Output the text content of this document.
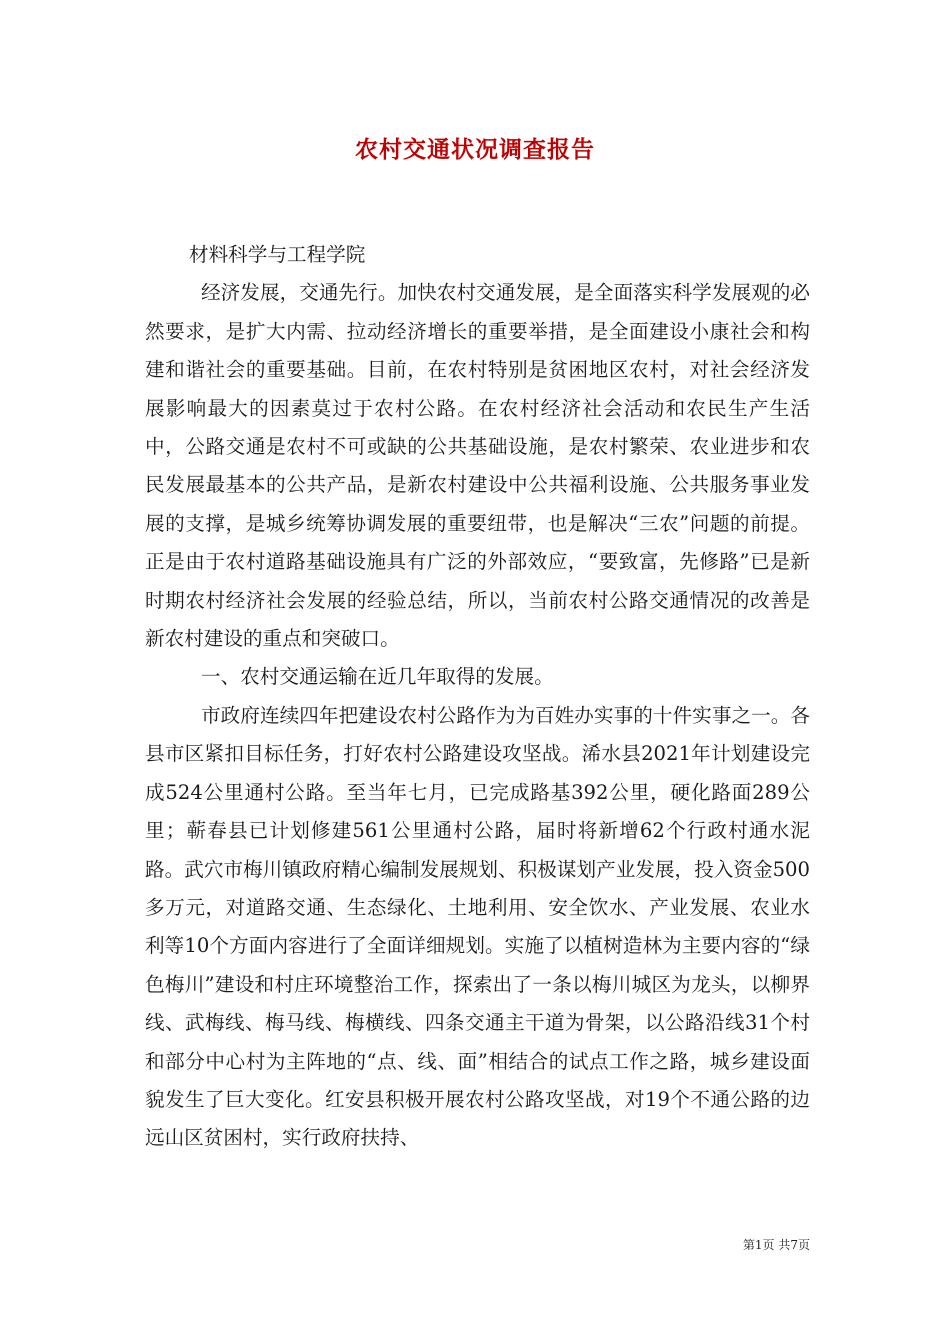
农村交通状况调查报告

材料科学与工程学院

经济发展，交通先行。加快农村交通发展，是全面落实科学发展观的必然要求，是扩大内需、拉动经济增长的重要举措，是全面建设小康社会和构建和谐社会的重要基础。目前，在农村特别是贫困地区农村，对社会经济发展影响最大的因素莫过于农村公路。在农村经济社会活动和农民生产生活中，公路交通是农村不可或缺的公共基础设施，是农村繁荣、农业进步和农民发展最基本的公共产品，是新农村建设中公共福利设施、公共服务事业发展的支撑，是城乡统筹协调发展的重要纽带，也是解决“三农”问题的前提。正是由于农村道路基础设施具有广泛的外部效应，“要致富，先修路”已是新时期农村经济社会发展的经验总结，所以，当前农村公路交通情况的改善是新农村建设的重点和突破口。

一、农村交通运输在近几年取得的发展。

市政府连续四年把建设农村公路作为为百姓办实事的十件实事之一。各县市区紧扣目标任务，打好农村公路建设攻坚战。浠水县2021年计划建设完成524公里通村公路。至当年七月，已完成路基392公里，硬化路面289公里；蕲春县已计划修建561公里通村公路，届时将新增62个行政村通水泥路。武穴市梅川镇政府精心编制发展规划、积极谋划产业发展，投入资金500多万元，对道路交通、生态绿化、土地利用、安全饮水、产业发展、农业水利等10个方面内容进行了全面详细规划。实施了以植树造林为主要内容的“绿色梅川”建设和村庄环境整治工作，探索出了一条以梅川城区为龙头，以柳界线、武梅线、梅马线、梅横线、四条交通主干道为骨架，以公路沿线31个村和部分中心村为主阵地的“点、线、面”相结合的试点工作之路，城乡建设面貌发生了巨大变化。红安县积极开展农村公路攻坚战，对19个不通公路的边远山区贫困村，实行政府扶持、

第1页 共7页
